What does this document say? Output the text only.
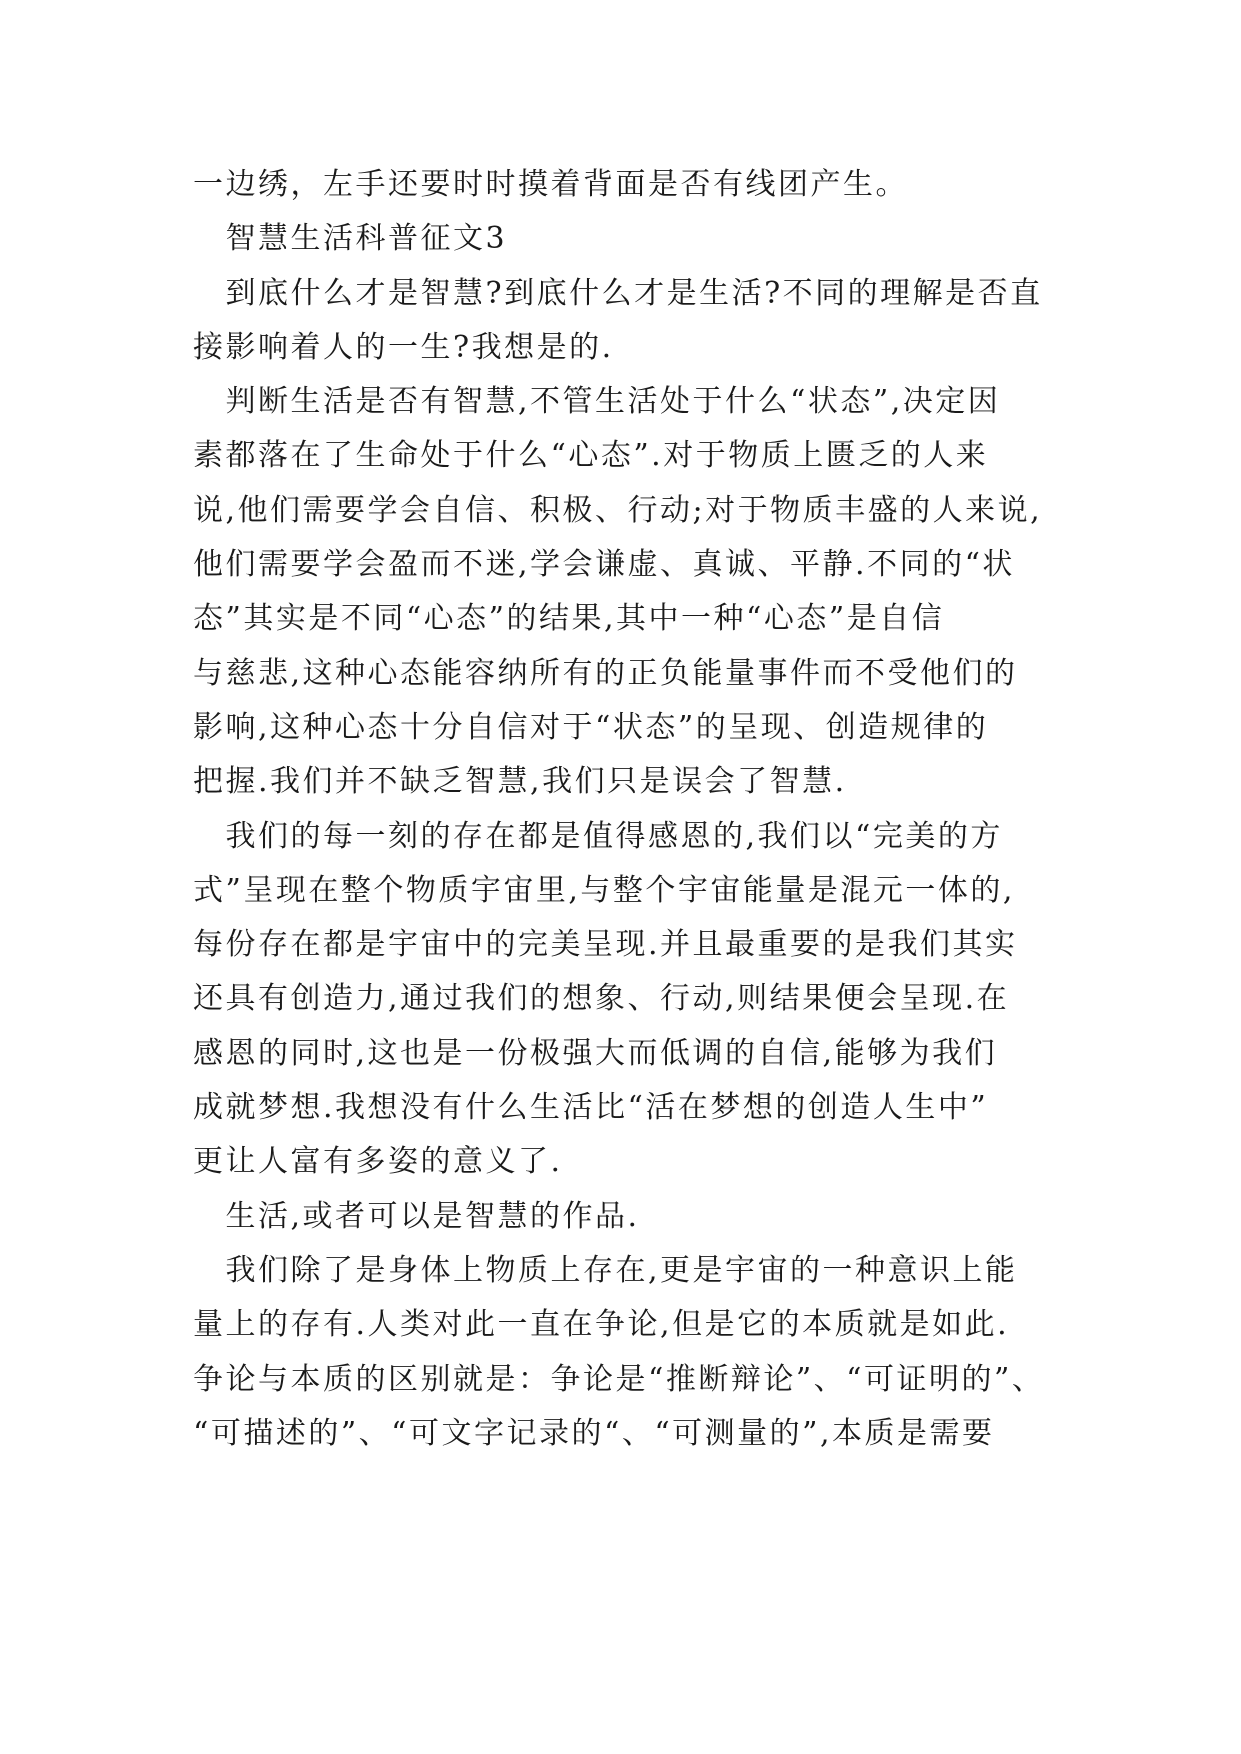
一边绣，左手还要时时摸着背面是否有线团产生。
　智慧生活科普征文3
　到底什么才是智慧?到底什么才是生活?不同的理解是否直
接影响着人的一生?我想是的.
　判断生活是否有智慧,不管生活处于什么“状态”,决定因
素都落在了生命处于什么“心态”.对于物质上匮乏的人来
说,他们需要学会自信、积极、行动;对于物质丰盛的人来说,
他们需要学会盈而不迷,学会谦虚、真诚、平静.不同的“状
态”其实是不同“心态”的结果,其中一种“心态”是自信
与慈悲,这种心态能容纳所有的正负能量事件而不受他们的
影响,这种心态十分自信对于“状态”的呈现、创造规律的
把握.我们并不缺乏智慧,我们只是误会了智慧.
　我们的每一刻的存在都是值得感恩的,我们以“完美的方
式”呈现在整个物质宇宙里,与整个宇宙能量是混元一体的,
每份存在都是宇宙中的完美呈现.并且最重要的是我们其实
还具有创造力,通过我们的想象、行动,则结果便会呈现.在
感恩的同时,这也是一份极强大而低调的自信,能够为我们
成就梦想.我想没有什么生活比“活在梦想的创造人生中”
更让人富有多姿的意义了.
　生活,或者可以是智慧的作品.
　我们除了是身体上物质上存在,更是宇宙的一种意识上能
量上的存有.人类对此一直在争论,但是它的本质就是如此.
争论与本质的区别就是：争论是“推断辩论”、“可证明的”、
“可描述的”、“可文字记录的“、“可测量的”,本质是需要
